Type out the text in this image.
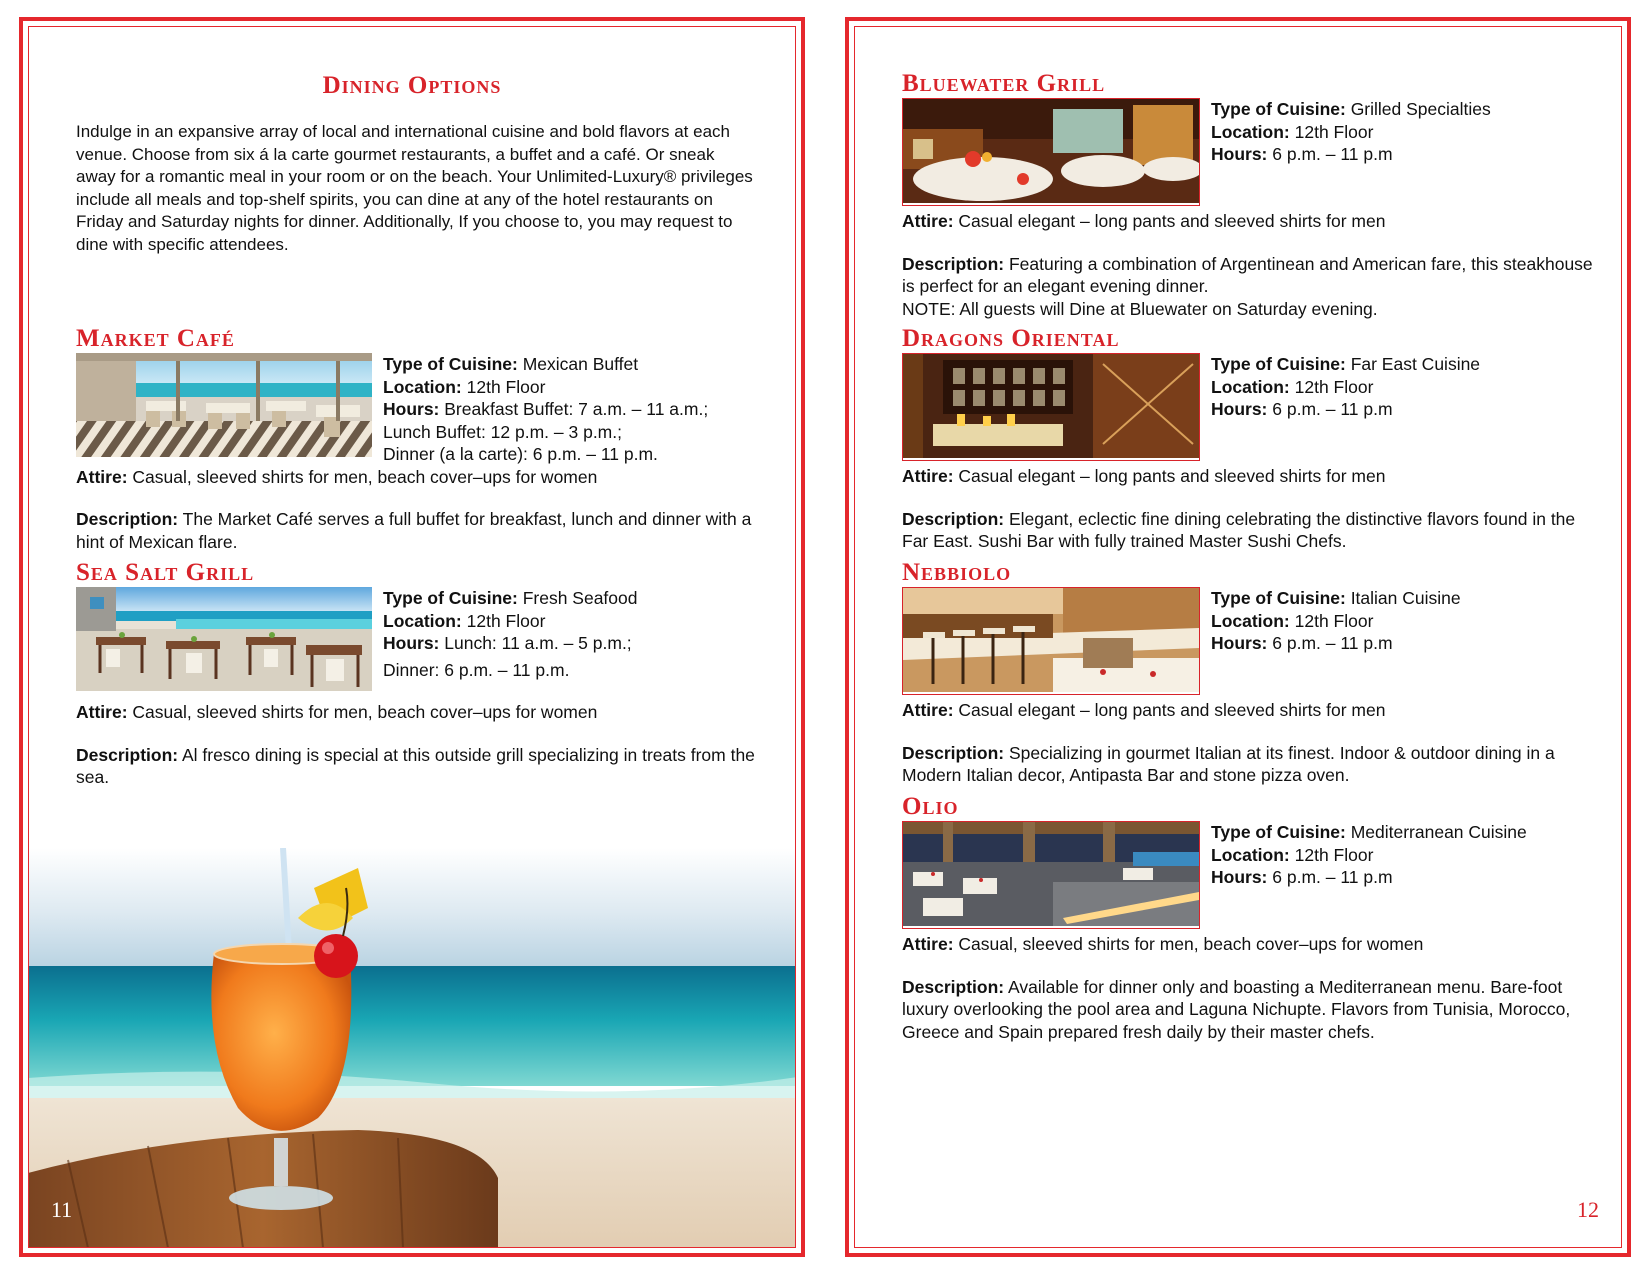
Dining Options

Indulge in an expansive array of local and international cuisine and bold flavors at each venue. Choose from six á la carte gourmet restaurants, a buffet and a café. Or sneak away for a romantic meal in your room or on the beach. Your Unlimited-Luxury® privileges include all meals and top-shelf spirits, you can dine at any of the hotel restaurants on Friday and Saturday nights for dinner. Additionally, If you choose to, you may request to dine with specific attendees.

Market Café
Type of Cuisine: Mexican Buffet
Location: 12th Floor
Hours: Breakfast Buffet: 7 a.m. – 11 a.m.;
Lunch Buffet: 12 p.m. – 3 p.m.;
Dinner (a la carte): 6 p.m. – 11 p.m.

Attire: Casual, sleeved shirts for men, beach cover–ups for women

Description: The Market Café serves a full buffet for breakfast, lunch and dinner with a hint of Mexican flare.

Sea Salt Grill
Type of Cuisine: Fresh Seafood
Location: 12th Floor
Hours: Lunch: 11 a.m. – 5 p.m.;
Dinner: 6 p.m. – 11 p.m.

Attire: Casual, sleeved shirts for men, beach cover–ups for women

Description: Al fresco dining is special at this outside grill specializing in treats from the sea.

11
Bluewater Grill
Type of Cuisine: Grilled Specialties
Location: 12th Floor
Hours: 6 p.m. – 11 p.m

Attire: Casual elegant – long pants and sleeved shirts for men

Description: Featuring a combination of Argentinean and American fare, this steakhouse is perfect for an elegant evening dinner.

NOTE: All guests will Dine at Bluewater on Saturday evening.

Dragons Oriental
Type of Cuisine: Far East Cuisine
Location: 12th Floor
Hours: 6 p.m. – 11 p.m

Attire: Casual elegant – long pants and sleeved shirts for men

Description: Elegant, eclectic fine dining celebrating the distinctive flavors found in the Far East. Sushi Bar with fully trained Master Sushi Chefs.

Nebbiolo
Type of Cuisine: Italian Cuisine
Location: 12th Floor
Hours: 6 p.m. – 11 p.m

Attire: Casual elegant – long pants and sleeved shirts for men

Description: Specializing in gourmet Italian at its finest. Indoor & outdoor dining in a Modern Italian decor, Antipasta Bar and stone pizza oven.

Olio
Type of Cuisine: Mediterranean Cuisine
Location: 12th Floor
Hours: 6 p.m. – 11 p.m

Attire: Casual, sleeved shirts for men, beach cover–ups for women

Description: Available for dinner only and boasting a Mediterranean menu. Bare-foot luxury overlooking the pool area and Laguna Nichupte. Flavors from Tunisia, Morocco, Greece and Spain prepared fresh daily by their master chefs.

12
